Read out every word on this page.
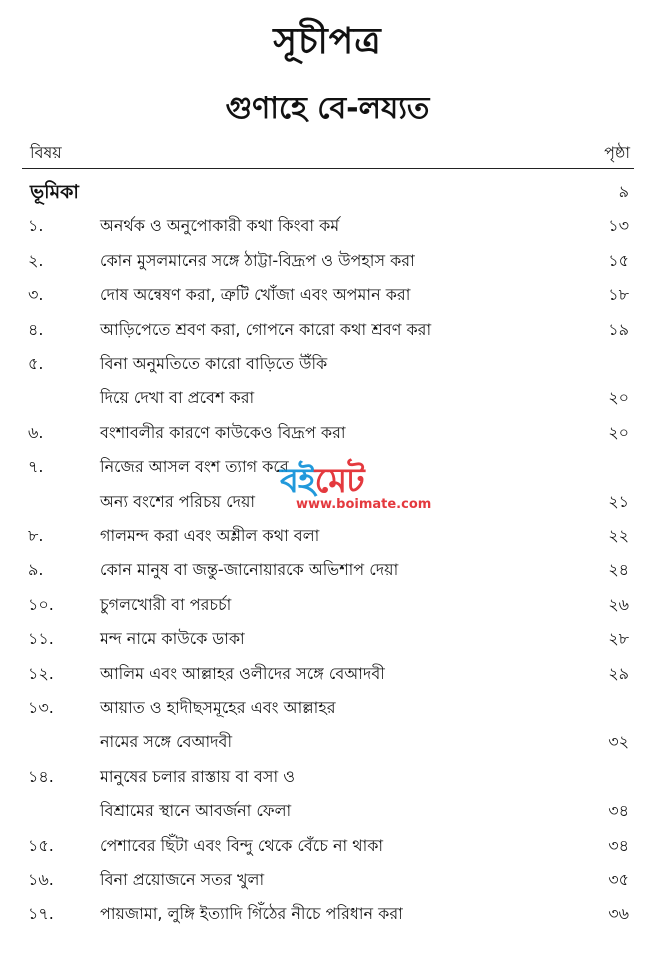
সূচীপত্র
গুণাহে বে-লয্যত
বিষয়	পৃষ্ঠা
ভূমিকা	৯
১.	অনর্থক ও অনুপোকারী কথা কিংবা কর্ম	১৩
২.	কোন মুসলমানের সঙ্গে ঠাট্টা-বিদ্রূপ ও উপহাস করা	১৫
৩.	দোষ অন্বেষণ করা, ত্রুটি খোঁজা এবং অপমান করা	১৮
৪.	আড়িপেতে শ্রবণ করা, গোপনে কারো কথা শ্রবণ করা	১৯
৫.	বিনা অনুমতিতে কারো বাড়িতে উঁকি
দিয়ে দেখা বা প্রবেশ করা	২০
৬.	বংশাবলীর কারণে কাউকেও বিদ্রূপ করা	২০
৭.	নিজের আসল বংশ ত্যাগ করে
অন্য বংশের পরিচয় দেয়া	২১
৮.	গালমন্দ করা এবং অশ্লীল কথা বলা	২২
৯.	কোন মানুষ বা জন্তু-জানোয়ারকে অভিশাপ দেয়া	২৪
১০.	চুগলখোরী বা পরচর্চা	২৬
১১.	মন্দ নামে কাউকে ডাকা	২৮
১২.	আলিম এবং আল্লাহর ওলীদের সঙ্গে বেআদবী	২৯
১৩.	আয়াত ও হাদীছসমূহের এবং আল্লাহর
নামের সঙ্গে বেআদবী	৩২
১৪.	মানুষের চলার রাস্তায় বা বসা ও
বিশ্রামের স্থানে আবর্জনা ফেলা	৩৪
১৫.	পেশাবের ছিঁটা এবং বিন্দু থেকে বেঁচে না থাকা	৩৪
১৬.	বিনা প্রয়োজনে সতর খুলা	৩৫
১৭.	পায়জামা, লুঙ্গি ইত্যাদি গিঁঠের নীচে পরিধান করা	৩৬
বইমেট
www.boimate.com
